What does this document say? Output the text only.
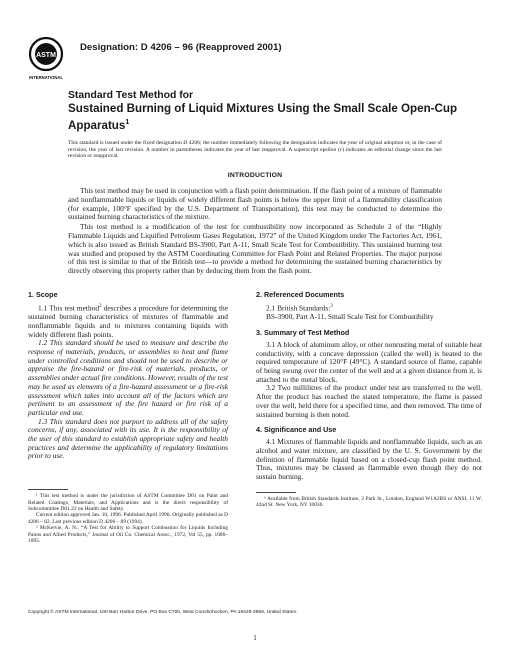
ASTM
INTERNATIONAL
Designation: D 4206 – 96 (Reapproved 2001)
Standard Test Method for
Sustained Burning of Liquid Mixtures Using the Small Scale Open-Cup Apparatus$^1$
This standard is issued under the fixed designation D 4206; the number immediately following the designation indicates the year of original adoption or, in the case of revision, the year of last revision. A number in parentheses indicates the year of last reapproval. A superscript epsilon (ε) indicates an editorial change since the last revision or reapproval.
INTRODUCTION

This test method may be used in conjunction with a flash point determination. If the flash point of a mixture of flammable and nonflammable liquids or liquids of widely different flash points is below the upper limit of a flammability classification (for example, 100°F specified by the U.S. Department of Transportation), this test may be conducted to determine the sustained burning characteristics of the mixture.

This test method is a modification of the test for combustibility now incorporated as Schedule 2 of the “Highly Flammable Liquids and Liquified Petroleum Gases Regulation, 1972” of the United Kingdom under The Factories Act, 1961, which is also issued as British Standard BS-3900, Part A-11, Small Scale Test for Combustibility. This sustained burning test was studied and proposed by the ASTM Coordinating Committee for Flash Point and Related Properties. The major purpose of this test is similar to that of the British test—to provide a method for determining the sustained burning characteristics by directly observing this property rather than by deducing them from the flash point.

1. Scope

1.1 This test method$^2$ describes a procedure for determining the sustained burning characteristics of mixtures of flammable and nonflammable liquids and to mixtures containing liquids with widely different flash points.

1.2 This standard should be used to measure and describe the response of materials, products, or assemblies to heat and flame under controlled conditions and should not be used to describe or appraise the fire-hazard or fire-risk of materials, products, or assemblies under actual fire conditions. However, results of the test may be used as elements of a fire-hazard assessment or a fire-risk assessment which takes into account all of the factors which are pertinent to an assessment of the fire hazard or fire risk of a particular end use.

1.3 This standard does not purport to address all of the safety concerns, if any, associated with its use. It is the responsibility of the user of this standard to establish appropriate safety and health practices and determine the applicability of regulatory limitations prior to use.

¹ This test method is under the jurisdiction of ASTM Committee D01 on Paint and Related Coatings, Materials, and Applications and is the direct responsibility of Subcommittee D01.22 on Health and Safety.

Current edition approved Jan. 10, 1996. Published April 1996. Originally published as D 4206 – 82. Last previous edition D 4206 – 89 (1994).

² McKelvie, A. N., “A Test for Ability to Support Combustion for Liquids Including Paints and Allied Products,” Journal of Oil Co. Chemical Assoc., 1972, Vol 55, pp. 1086–1095.

2. Referenced Documents

2.1 British Standards:$^3$

BS-3900, Part A-11, Small Scale Test for Combustibility

3. Summary of Test Method

3.1 A block of aluminum alloy, or other nonrusting metal of suitable heat conductivity, with a concave depression (called the well) is heated to the required temperature of 120°F (49°C). A standard source of flame, capable of being swung over the center of the well and at a given distance from it, is attached to the metal block.

3.2 Two millilitres of the product under test are transferred to the well. After the product has reached the stated temperature, the flame is passed over the well, held there for a specified time, and then removed. The time of sustained burning is then noted.

4. Significance and Use

4.1 Mixtures of flammable liquids and nonflammable liquids, such as an alcohol and water mixture, are classified by the U. S. Government by the definition of flammable liquid based on a closed-cup flash point method. Thus, mixtures may be classed as flammable even though they do not sustain burning.

³ Available from British Standards Institute, 2 Park St., London, England W1A2BS or ANSI, 11 W. 42nd St. New York, NY 10036.

Copyright © ASTM International, 100 Barr Harbor Drive, PO Box C700, West Conshohocken, PA 19428-2959, United States.
1
